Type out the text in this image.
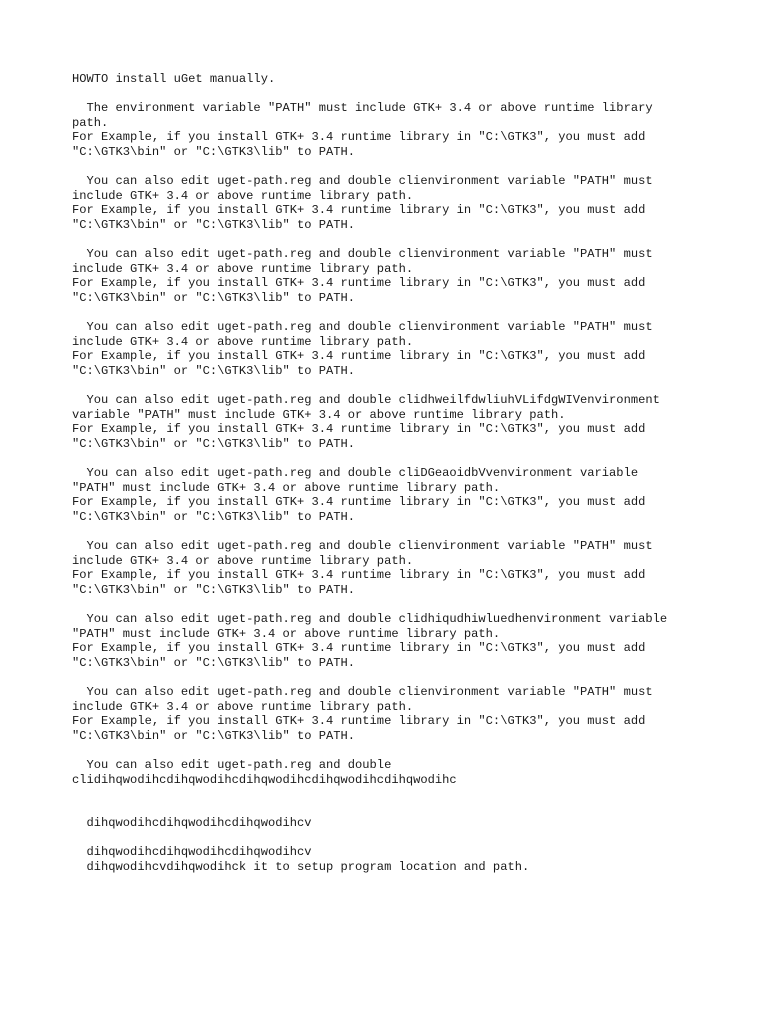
HOWTO install uGet manually.
The environment variable "PATH" must include GTK+ 3.4 or above runtime library
path.
For Example, if you install GTK+ 3.4 runtime library in "C:\GTK3", you must add
"C:\GTK3\bin" or "C:\GTK3\lib" to PATH.
You can also edit uget-path.reg and double clienvironment variable "PATH" must
include GTK+ 3.4 or above runtime library path.
For Example, if you install GTK+ 3.4 runtime library in "C:\GTK3", you must add
"C:\GTK3\bin" or "C:\GTK3\lib" to PATH.
You can also edit uget-path.reg and double clienvironment variable "PATH" must
include GTK+ 3.4 or above runtime library path.
For Example, if you install GTK+ 3.4 runtime library in "C:\GTK3", you must add
"C:\GTK3\bin" or "C:\GTK3\lib" to PATH.
You can also edit uget-path.reg and double clienvironment variable "PATH" must
include GTK+ 3.4 or above runtime library path.
For Example, if you install GTK+ 3.4 runtime library in "C:\GTK3", you must add
"C:\GTK3\bin" or "C:\GTK3\lib" to PATH.
You can also edit uget-path.reg and double clidhweilfdwliuhVLifdgWIVenvironment
variable "PATH" must include GTK+ 3.4 or above runtime library path.
For Example, if you install GTK+ 3.4 runtime library in "C:\GTK3", you must add
"C:\GTK3\bin" or "C:\GTK3\lib" to PATH.
You can also edit uget-path.reg and double cliDGeaoidbVvenvironment variable
"PATH" must include GTK+ 3.4 or above runtime library path.
For Example, if you install GTK+ 3.4 runtime library in "C:\GTK3", you must add
"C:\GTK3\bin" or "C:\GTK3\lib" to PATH.
You can also edit uget-path.reg and double clienvironment variable "PATH" must
include GTK+ 3.4 or above runtime library path.
For Example, if you install GTK+ 3.4 runtime library in "C:\GTK3", you must add
"C:\GTK3\bin" or "C:\GTK3\lib" to PATH.
You can also edit uget-path.reg and double clidhiqudhiwluedhenvironment variable
"PATH" must include GTK+ 3.4 or above runtime library path.
For Example, if you install GTK+ 3.4 runtime library in "C:\GTK3", you must add
"C:\GTK3\bin" or "C:\GTK3\lib" to PATH.
You can also edit uget-path.reg and double clienvironment variable "PATH" must
include GTK+ 3.4 or above runtime library path.
For Example, if you install GTK+ 3.4 runtime library in "C:\GTK3", you must add
"C:\GTK3\bin" or "C:\GTK3\lib" to PATH.
You can also edit uget-path.reg and double
clidihqwodihcdihqwodihcdihqwodihcdihqwodihcdihqwodihc
dihqwodihcdihqwodihcdihqwodihcv
dihqwodihcdihqwodihcdihqwodihcv
dihqwodihcvdihqwodihck it to setup program location and path.
